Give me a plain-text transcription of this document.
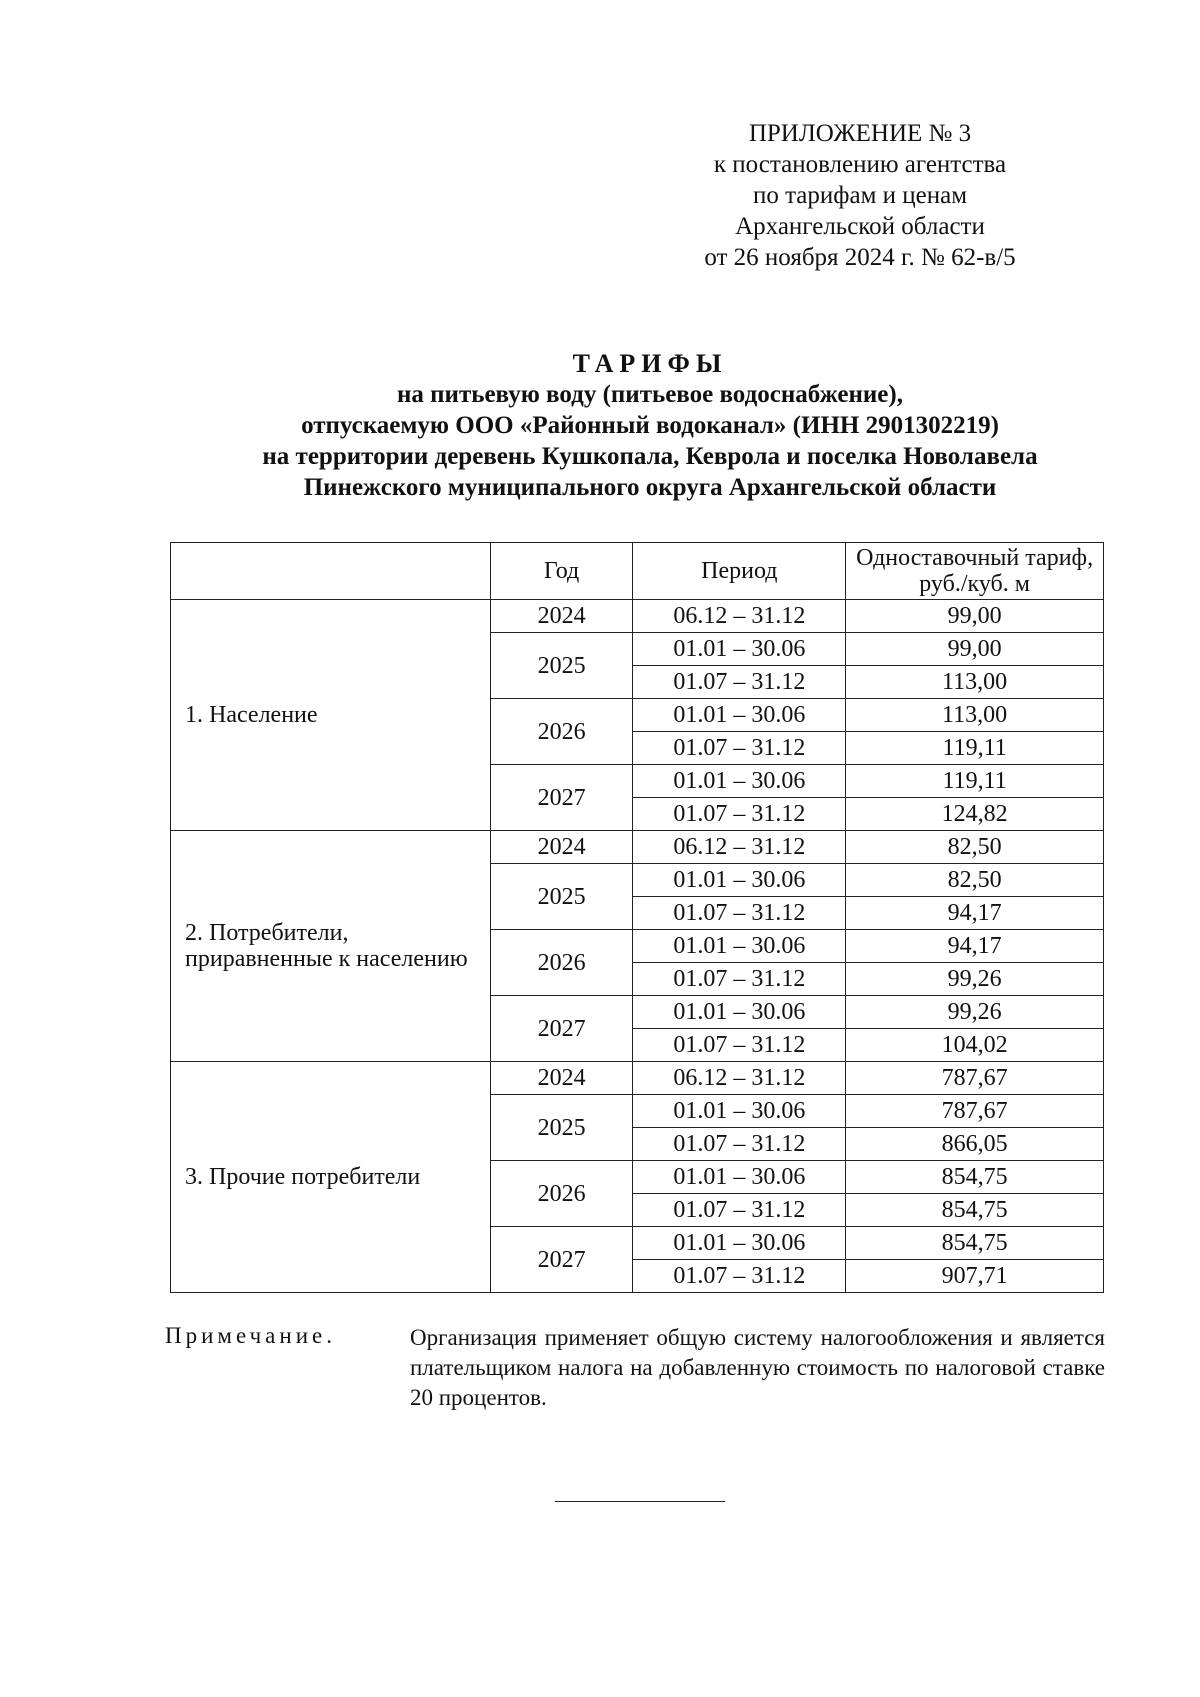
ПРИЛОЖЕНИЕ № 3
к постановлению агентства
по тарифам и ценам
Архангельской области
от 26 ноября 2024 г. № 62-в/5
ТАРИФЫ
на питьевую воду (питьевое водоснабжение),
отпускаемую ООО «Районный водоканал» (ИНН 2901302219)
на территории деревень Кушкопала, Кеврола и поселка Новолавела
Пинежского муниципального округа Архангельской области
	Год	Период	Одноставочный тариф,
руб./куб. м

1. Население	2024	06.12 – 31.12	99,00
	2025	01.01 – 30.06	99,00
		01.07 – 31.12	113,00
	2026	01.01 – 30.06	113,00
		01.07 – 31.12	119,11
	2027	01.01 – 30.06	119,11
		01.07 – 31.12	124,82

2. Потребители,
приравненные к населению	2024	06.12 – 31.12	82,50
	2025	01.01 – 30.06	82,50
		01.07 – 31.12	94,17
	2026	01.01 – 30.06	94,17
		01.07 – 31.12	99,26
	2027	01.01 – 30.06	99,26
		01.07 – 31.12	104,02

3. Прочие потребители	2024	06.12 – 31.12	787,67
	2025	01.01 – 30.06	787,67
		01.07 – 31.12	866,05
	2026	01.01 – 30.06	854,75
		01.07 – 31.12	854,75
	2027	01.01 – 30.06	854,75
		01.07 – 31.12	907,71
Примечание.	Организация применяет общую систему налогообложения и является плательщиком налога на добавленную стоимость по налоговой ставке 20 процентов.
